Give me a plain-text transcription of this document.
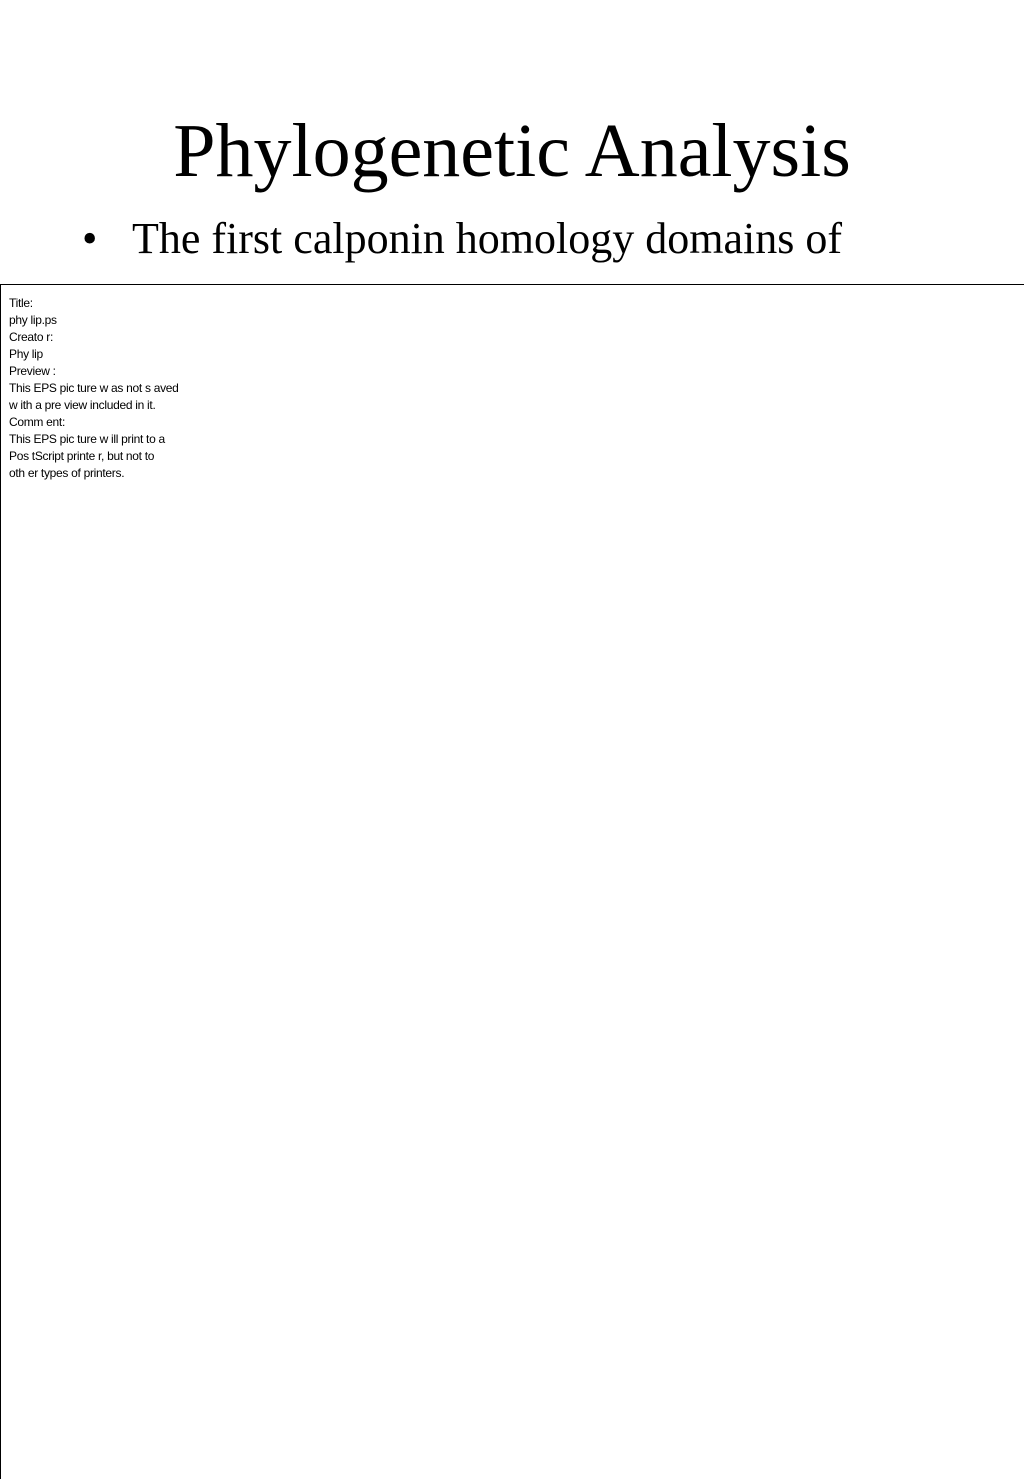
Phylogenetic Analysis
• The first calponin homology domains of
Title:
phy lip.ps
Creato r:
Phy lip
Preview :
This EPS pic ture w as not s aved
w ith a pre view included in it.
Comm ent:
This EPS pic ture w ill print to a
Pos tScript printe r, but not to
oth er types of printers.
